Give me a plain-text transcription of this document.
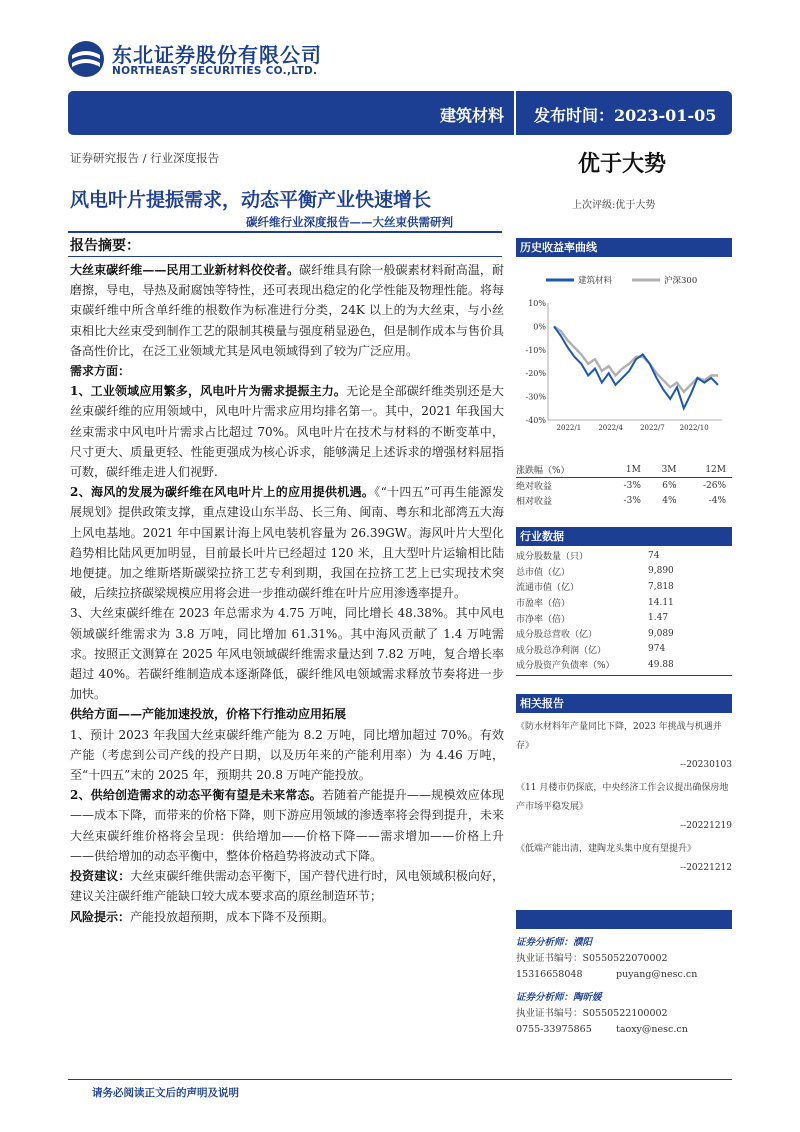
东北证券股份有限公司
NORTHEAST SECURITIES CO.,LTD.
建筑材料 发布时间：2023-01-05
证券研究报告 / 行业深度报告	优于大势
风电叶片提振需求，动态平衡产业快速增长	上次评级:优于大势
碳纤维行业深度报告——大丝束供需研判
报告摘要：

大丝束碳纤维——民用工业新材料佼佼者。碳纤维具有除一般碳素材料耐高温，耐磨擦，导电，导热及耐腐蚀等特性，还可表现出稳定的化学性能及物理性能。将每束碳纤维中所含单纤维的根数作为标准进行分类，24K 以上的为大丝束，与小丝束相比大丝束受到制作工艺的限制其模量与强度稍显逊色，但是制作成本与售价具备高性价比，在泛工业领域尤其是风电领域得到了较为广泛应用。

需求方面：

1、工业领域应用繁多，风电叶片为需求提振主力。无论是全部碳纤维类别还是大丝束碳纤维的应用领域中，风电叶片需求应用均排名第一。其中，2021 年我国大丝束需求中风电叶片需求占比超过 70%。风电叶片在技术与材料的不断变革中，尺寸更大、质量更轻、性能更强成为核心诉求，能够满足上述诉求的增强材料屈指可数，碳纤维走进人们视野.

2、海风的发展为碳纤维在风电叶片上的应用提供机遇。《“十四五”可再生能源发展规划》提供政策支撑，重点建设山东半岛、长三角、闽南、粤东和北部湾五大海上风电基地。2021 年中国累计海上风电装机容量为 26.39GW。海风叶片大型化趋势相比陆风更加明显，目前最长叶片已经超过 120 米，且大型叶片运输相比陆地便捷。加之维斯塔斯碳梁拉挤工艺专利到期，我国在拉挤工艺上已实现技术突破，后续拉挤碳梁规模应用将会进一步推动碳纤维在叶片应用渗透率提升。

3、大丝束碳纤维在 2023 年总需求为 4.75 万吨，同比增长 48.38%。其中风电领域碳纤维需求为 3.8 万吨，同比增加 61.31%。其中海风贡献了 1.4 万吨需求。按照正文测算在 2025 年风电领域碳纤维需求量达到 7.82 万吨，复合增长率超过 40%。若碳纤维制造成本逐渐降低，碳纤维风电领域需求释放节奏将进一步加快。

供给方面——产能加速投放，价格下行推动应用拓展

1、预计 2023 年我国大丝束碳纤维产能为 8.2 万吨，同比增加超过 70%。有效产能（考虑到公司产线的投产日期，以及历年来的产能利用率）为 4.46 万吨，至“十四五”末的 2025 年，预期共 20.8 万吨产能投放。

2、供给创造需求的动态平衡有望是未来常态。若随着产能提升——规模效应体现——成本下降，而带来的价格下降，则下游应用领域的渗透率将会得到提升，未来大丝束碳纤维价格将会呈现：供给增加——价格下降——需求增加——价格上升——供给增加的动态平衡中，整体价格趋势将波动式下降。

投资建议：大丝束碳纤维供需动态平衡下，国产替代进行时，风电领域积极向好，建议关注碳纤维产能缺口较大成本要求高的原丝制造环节；

风险提示：产能投放超预期，成本下降不及预期。

历史收益率曲线
建筑材料	沪深300
10%
0%
-10%
-20%
-30%
-40%
2022/1 2022/4 2022/7 2022/10
涨跌幅（%）	1M	3M	12M
绝对收益	-3%	6%	-26%
相对收益	-3%	4%	-4%
行业数据
成分股数量（只）	74
总市值（亿）	9,890
流通市值（亿）	7,818
市盈率（倍）	14.11
市净率（倍）	1.47
成分股总营收（亿）	9,089
成分股总净利润（亿）	974
成分股资产负债率（%）	49.88
相关报告
《防水材料年产量同比下降，2023 年挑战与机遇并存》
--20230103
《11 月楼市仍探底，中央经济工作会议提出确保房地产市场平稳发展》
--20221219
《低端产能出清，建陶龙头集中度有望提升》
--20221212
证券分析师：濮阳
执业证书编号：S0550522070002
15316658048	puyang@nesc.cn
证券分析师：陶昕媛
执业证书编号：S0550522100002
0755-33975865	taoxy@nesc.cn
请务必阅读正文后的声明及说明
